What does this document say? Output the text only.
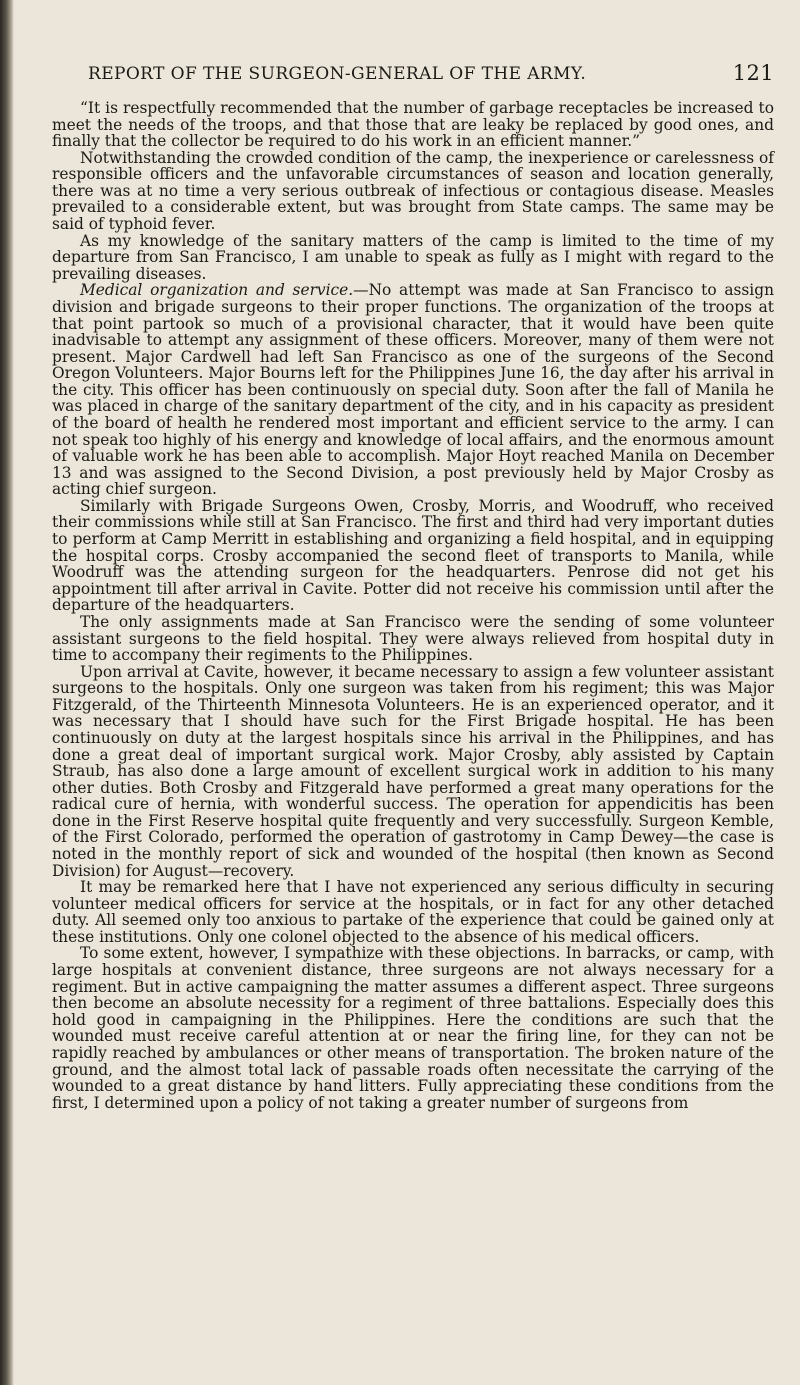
REPORT OF THE SURGEON-GENERAL OF THE ARMY.	121

“It is respectfully recommended that the number of garbage receptacles be increased to meet the needs of the troops, and that those that are leaky be replaced by good ones, and finally that the collector be required to do his work in an efficient manner.”

Notwithstanding the crowded condition of the camp, the inexperience or carelessness of responsible officers and the unfavorable circumstances of season and location generally, there was at no time a very serious outbreak of infectious or contagious disease. Measles prevailed to a considerable extent, but was brought from State camps. The same may be said of typhoid fever.

As my knowledge of the sanitary matters of the camp is limited to the time of my departure from San Francisco, I am unable to speak as fully as I might with regard to the prevailing diseases.

Medical organization and service.—No attempt was made at San Francisco to assign division and brigade surgeons to their proper functions. The organization of the troops at that point partook so much of a provisional character, that it would have been quite inadvisable to attempt any assignment of these officers. Moreover, many of them were not present. Major Cardwell had left San Francisco as one of the surgeons of the Second Oregon Volunteers. Major Bourns left for the Philippines June 16, the day after his arrival in the city. This officer has been continuously on special duty. Soon after the fall of Manila he was placed in charge of the sanitary department of the city, and in his capacity as president of the board of health he rendered most important and efficient service to the army. I can not speak too highly of his energy and knowledge of local affairs, and the enormous amount of valuable work he has been able to accomplish. Major Hoyt reached Manila on December 13 and was assigned to the Second Division, a post previously held by Major Crosby as acting chief surgeon.

Similarly with Brigade Surgeons Owen, Crosby, Morris, and Woodruff, who received their commissions while still at San Francisco. The first and third had very important duties to perform at Camp Merritt in establishing and organizing a field hospital, and in equipping the hospital corps. Crosby accompanied the second fleet of transports to Manila, while Woodruff was the attending surgeon for the headquarters. Penrose did not get his appointment till after arrival in Cavite. Potter did not receive his commission until after the departure of the headquarters.

The only assignments made at San Francisco were the sending of some volunteer assistant surgeons to the field hospital. They were always relieved from hospital duty in time to accompany their regiments to the Philippines.

Upon arrival at Cavite, however, it became necessary to assign a few volunteer assistant surgeons to the hospitals. Only one surgeon was taken from his regiment; this was Major Fitzgerald, of the Thirteenth Minnesota Volunteers. He is an experienced operator, and it was necessary that I should have such for the First Brigade hospital. He has been continuously on duty at the largest hospitals since his arrival in the Philippines, and has done a great deal of important surgical work. Major Crosby, ably assisted by Captain Straub, has also done a large amount of excellent surgical work in addition to his many other duties. Both Crosby and Fitzgerald have performed a great many operations for the radical cure of hernia, with wonderful success. The operation for appendicitis has been done in the First Reserve hospital quite frequently and very successfully. Surgeon Kemble, of the First Colorado, performed the operation of gastrotomy in Camp Dewey—the case is noted in the monthly report of sick and wounded of the hospital (then known as Second Division) for August—recovery.

It may be remarked here that I have not experienced any serious difficulty in securing volunteer medical officers for service at the hospitals, or in fact for any other detached duty. All seemed only too anxious to partake of the experience that could be gained only at these institutions. Only one colonel objected to the absence of his medical officers.

To some extent, however, I sympathize with these objections. In barracks, or camp, with large hospitals at convenient distance, three surgeons are not always necessary for a regiment. But in active campaigning the matter assumes a different aspect. Three surgeons then become an absolute necessity for a regiment of three battalions. Especially does this hold good in campaigning in the Philippines. Here the conditions are such that the wounded must receive careful attention at or near the firing line, for they can not be rapidly reached by ambulances or other means of transportation. The broken nature of the ground, and the almost total lack of passable roads often necessitate the carrying of the wounded to a great distance by hand litters. Fully appreciating these conditions from the first, I determined upon a policy of not taking a greater number of surgeons from
